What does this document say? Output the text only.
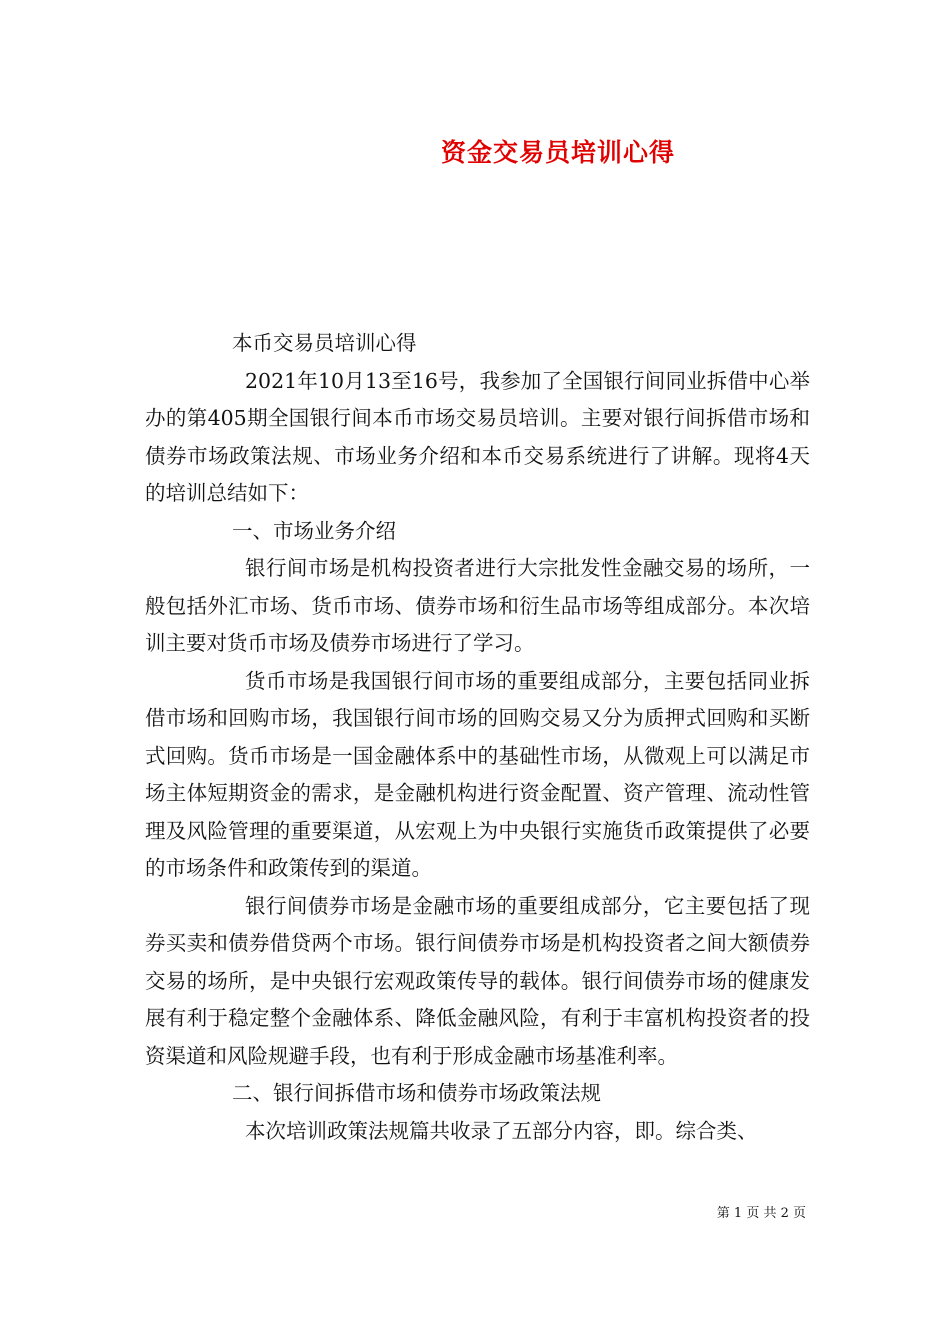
资金交易员培训心得

本币交易员培训心得

2021年10月13至16号，我参加了全国银行间同业拆借中心举办的第405期全国银行间本币市场交易员培训。主要对银行间拆借市场和债券市场政策法规、市场业务介绍和本币交易系统进行了讲解。现将4天的培训总结如下：

一、市场业务介绍

银行间市场是机构投资者进行大宗批发性金融交易的场所，一般包括外汇市场、货币市场、债券市场和衍生品市场等组成部分。本次培训主要对货币市场及债券市场进行了学习。

货币市场是我国银行间市场的重要组成部分，主要包括同业拆借市场和回购市场，我国银行间市场的回购交易又分为质押式回购和买断式回购。货币市场是一国金融体系中的基础性市场，从微观上可以满足市场主体短期资金的需求，是金融机构进行资金配置、资产管理、流动性管理及风险管理的重要渠道，从宏观上为中央银行实施货币政策提供了必要的市场条件和政策传到的渠道。

银行间债券市场是金融市场的重要组成部分，它主要包括了现券买卖和债券借贷两个市场。银行间债券市场是机构投资者之间大额债券交易的场所，是中央银行宏观政策传导的载体。银行间债券市场的健康发展有利于稳定整个金融体系、降低金融风险，有利于丰富机构投资者的投资渠道和风险规避手段，也有利于形成金融市场基准利率。

二、银行间拆借市场和债券市场政策法规

本次培训政策法规篇共收录了五部分内容，即。综合类、

第 1 页 共 2 页
